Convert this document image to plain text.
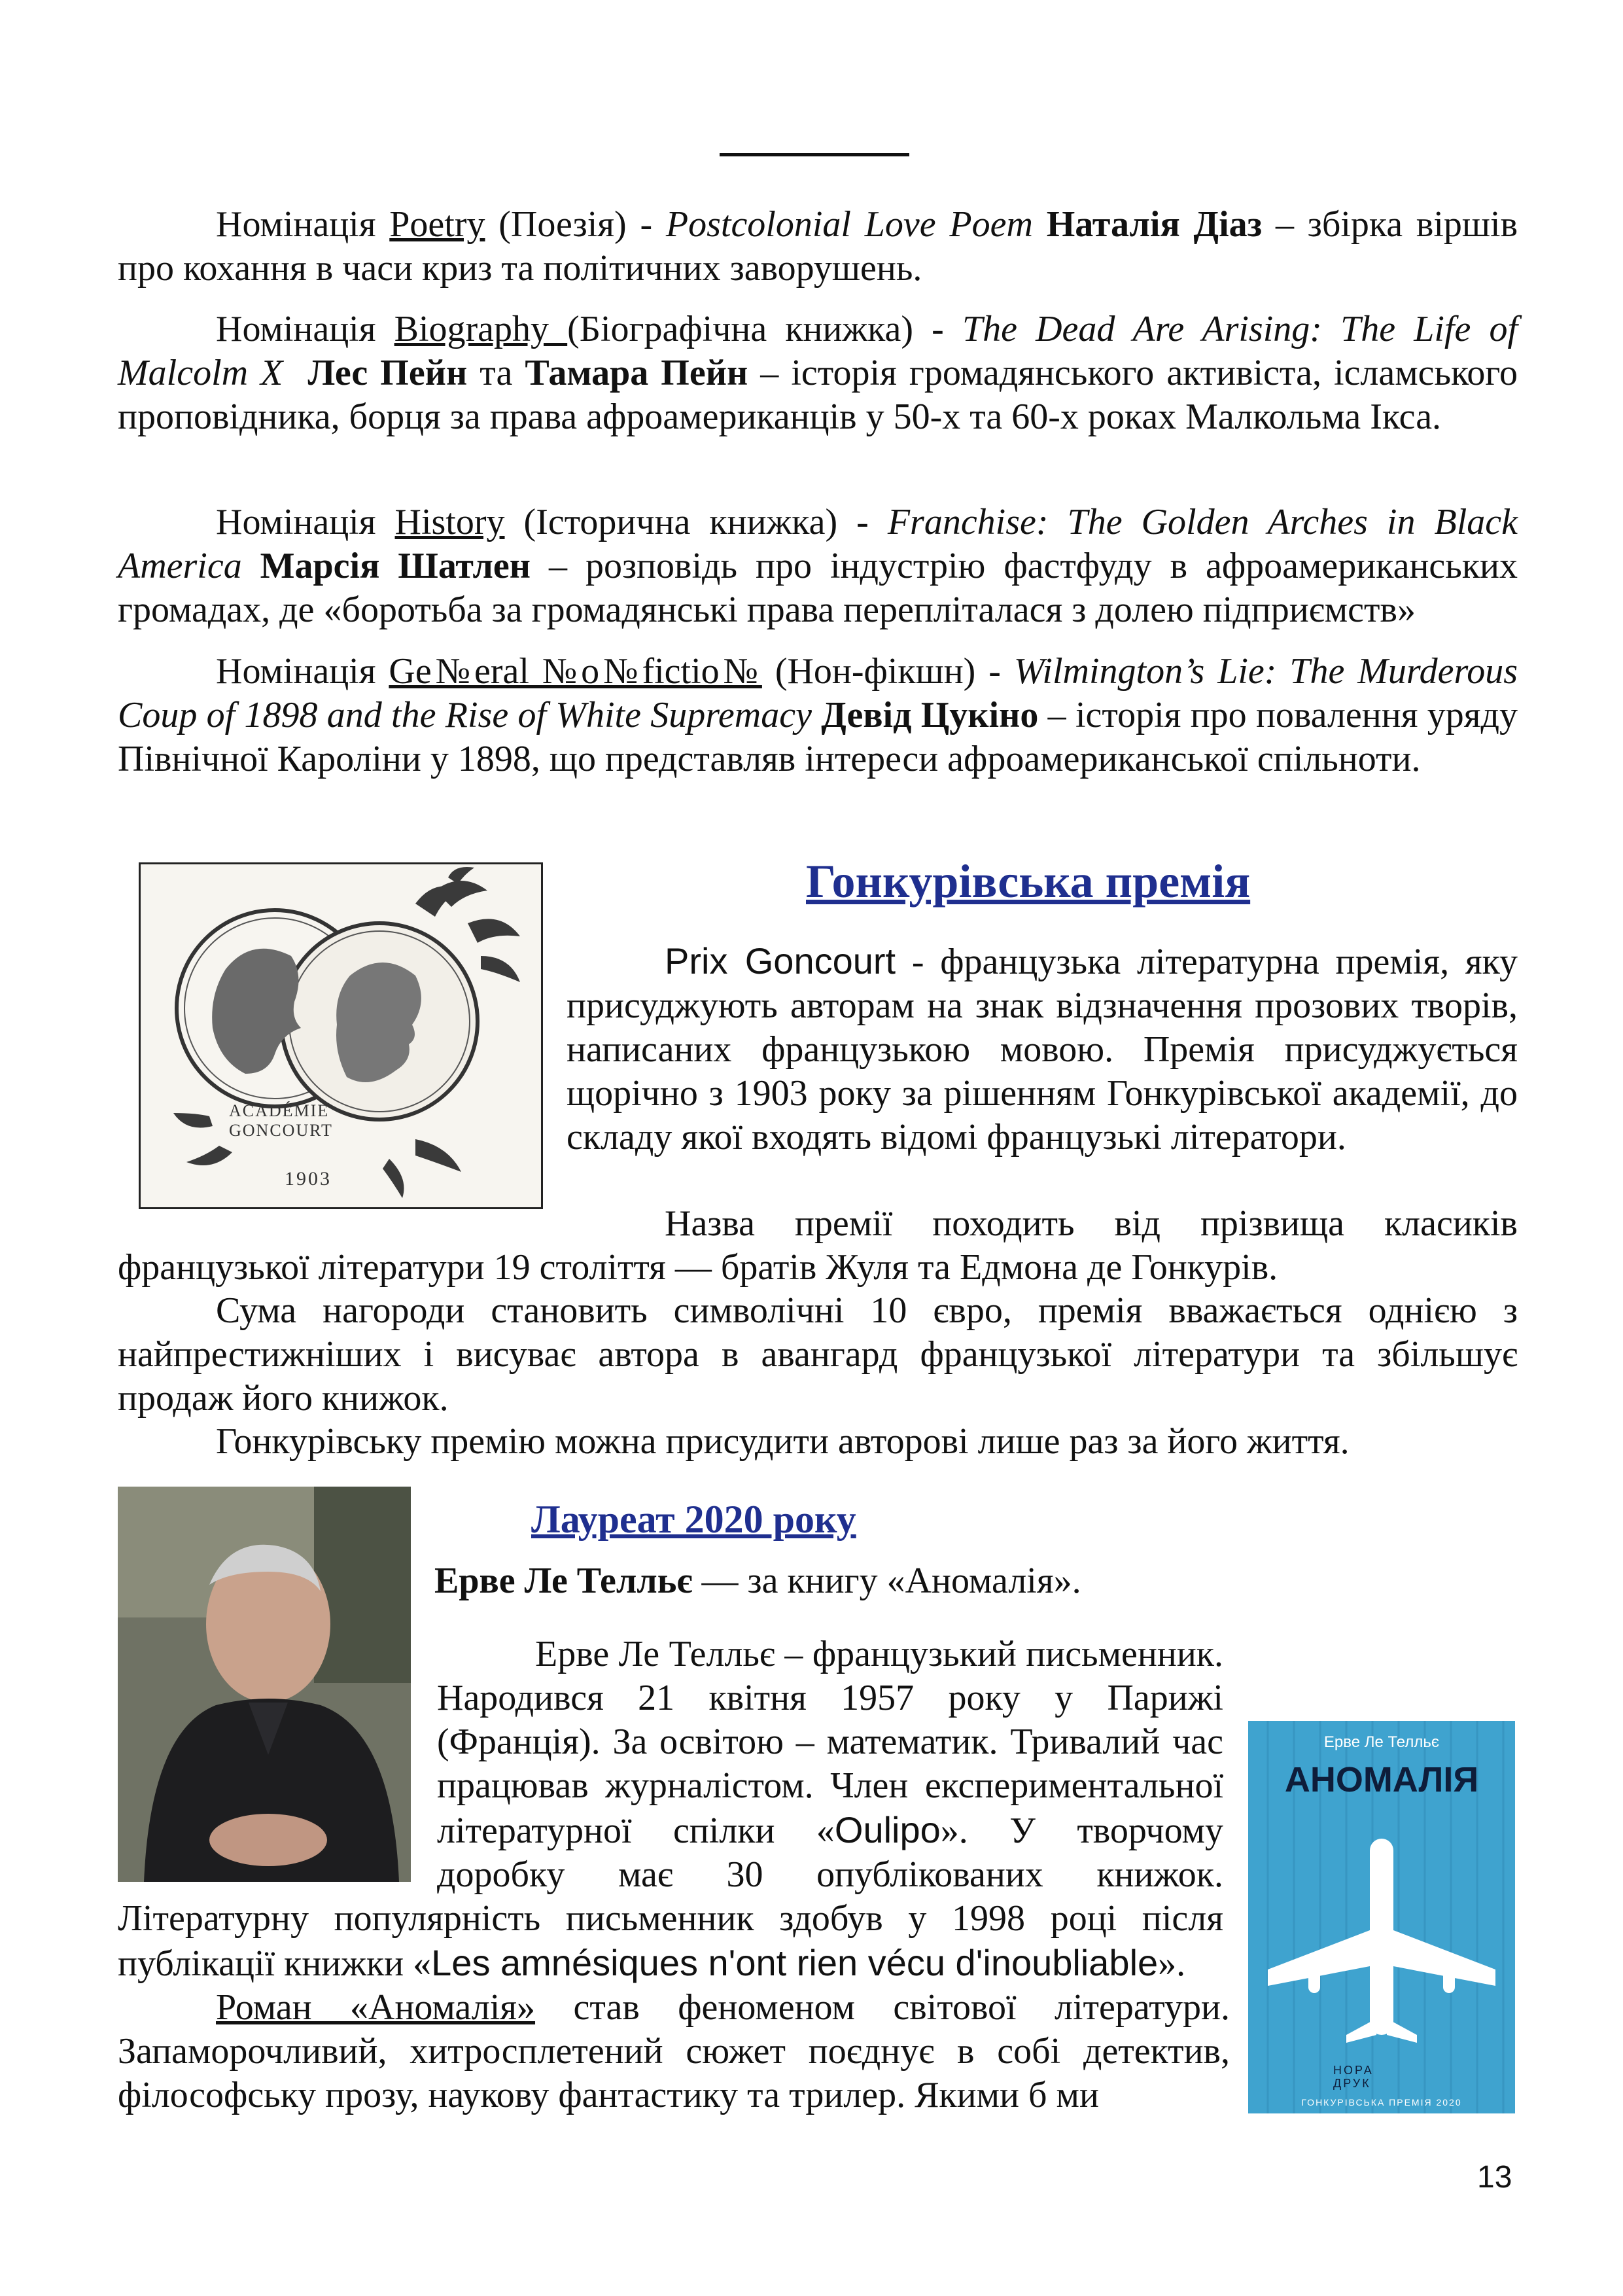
Номінація Poetry (Поезія) - Postcolonial Love Poem Наталія Діаз – збірка віршів про кохання в часи криз та політичних заворушень.

Номінація Biography (Біографічна книжка) - The Dead Are Arising: The Life of Malcolm X Лес Пейн та Тамара Пейн – історія громадянського активіста, ісламського проповідника, борця за права афроамериканців у 50-х та 60-х роках Малкольма Ікса.

Номінація History (Історична книжка) - Franchise: The Golden Arches in Black America Марсія Шатлен – розповідь про індустрію фастфуду в афроамериканських громадах, де «боротьба за громадянські права перепліталася з долею підприємств»

Номінація Ge№eral №o№fictio№ (Нон-фікшн) - Wilmington’s Lie: The Murderous Coup of 1898 and the Rise of White Supremacy Девід Цукіно – історія про повалення уряду Північної Кароліни у 1898, що представляв інтереси афроамериканської спільноти.

ACADÉMIE
GONCOURT
1903
Гонкурівська премія

Prix Goncourt - французька літературна премія, яку присуджують авторам на знак відзначення прозових творів, написаних французькою мовою. Премія присуджується щорічно з 1903 року за рішенням Гонкурівської академії, до складу якої входять відомі французькі літератори.

Назва премії походить від прізвища класиків французької літератури 19 століття — братів Жуля та Едмона де Гонкурів.

Сума нагороди становить символічні 10 євро, премія вважається однією з найпрестижніших і висуває автора в авангард французької літератури та збільшує продаж його книжок.

Гонкурівську премію можна присудити авторові лише раз за його життя.

Лауреат 2020 року

Ерве Ле Телльє — за книгу «Аномалія».

Ерве Ле Телльє
АНОМАЛІЯ
НОРА
ДРУК
ГОНКУРІВСЬКА ПРЕМІЯ 2020

Ерве Ле Телльє – французький письменник. Народився 21 квітня 1957 року у Парижі (Франція). За освітою – математик. Тривалий час працював журналістом. Член експериментальної літературної спілки «Oulipo». У творчому доробку має 30 опублікованих книжок. Літературну популярність письменник здобув у 1998 році після публікації книжки «Les amnésiques n'ont rien vécu d'inoubliable».

Роман «Аномалія» став феноменом світової літератури. Запаморочливий, хитросплетений сюжет поєднує в собі детектив, філософську прозу, наукову фантастику та трилер. Якими б ми

13
